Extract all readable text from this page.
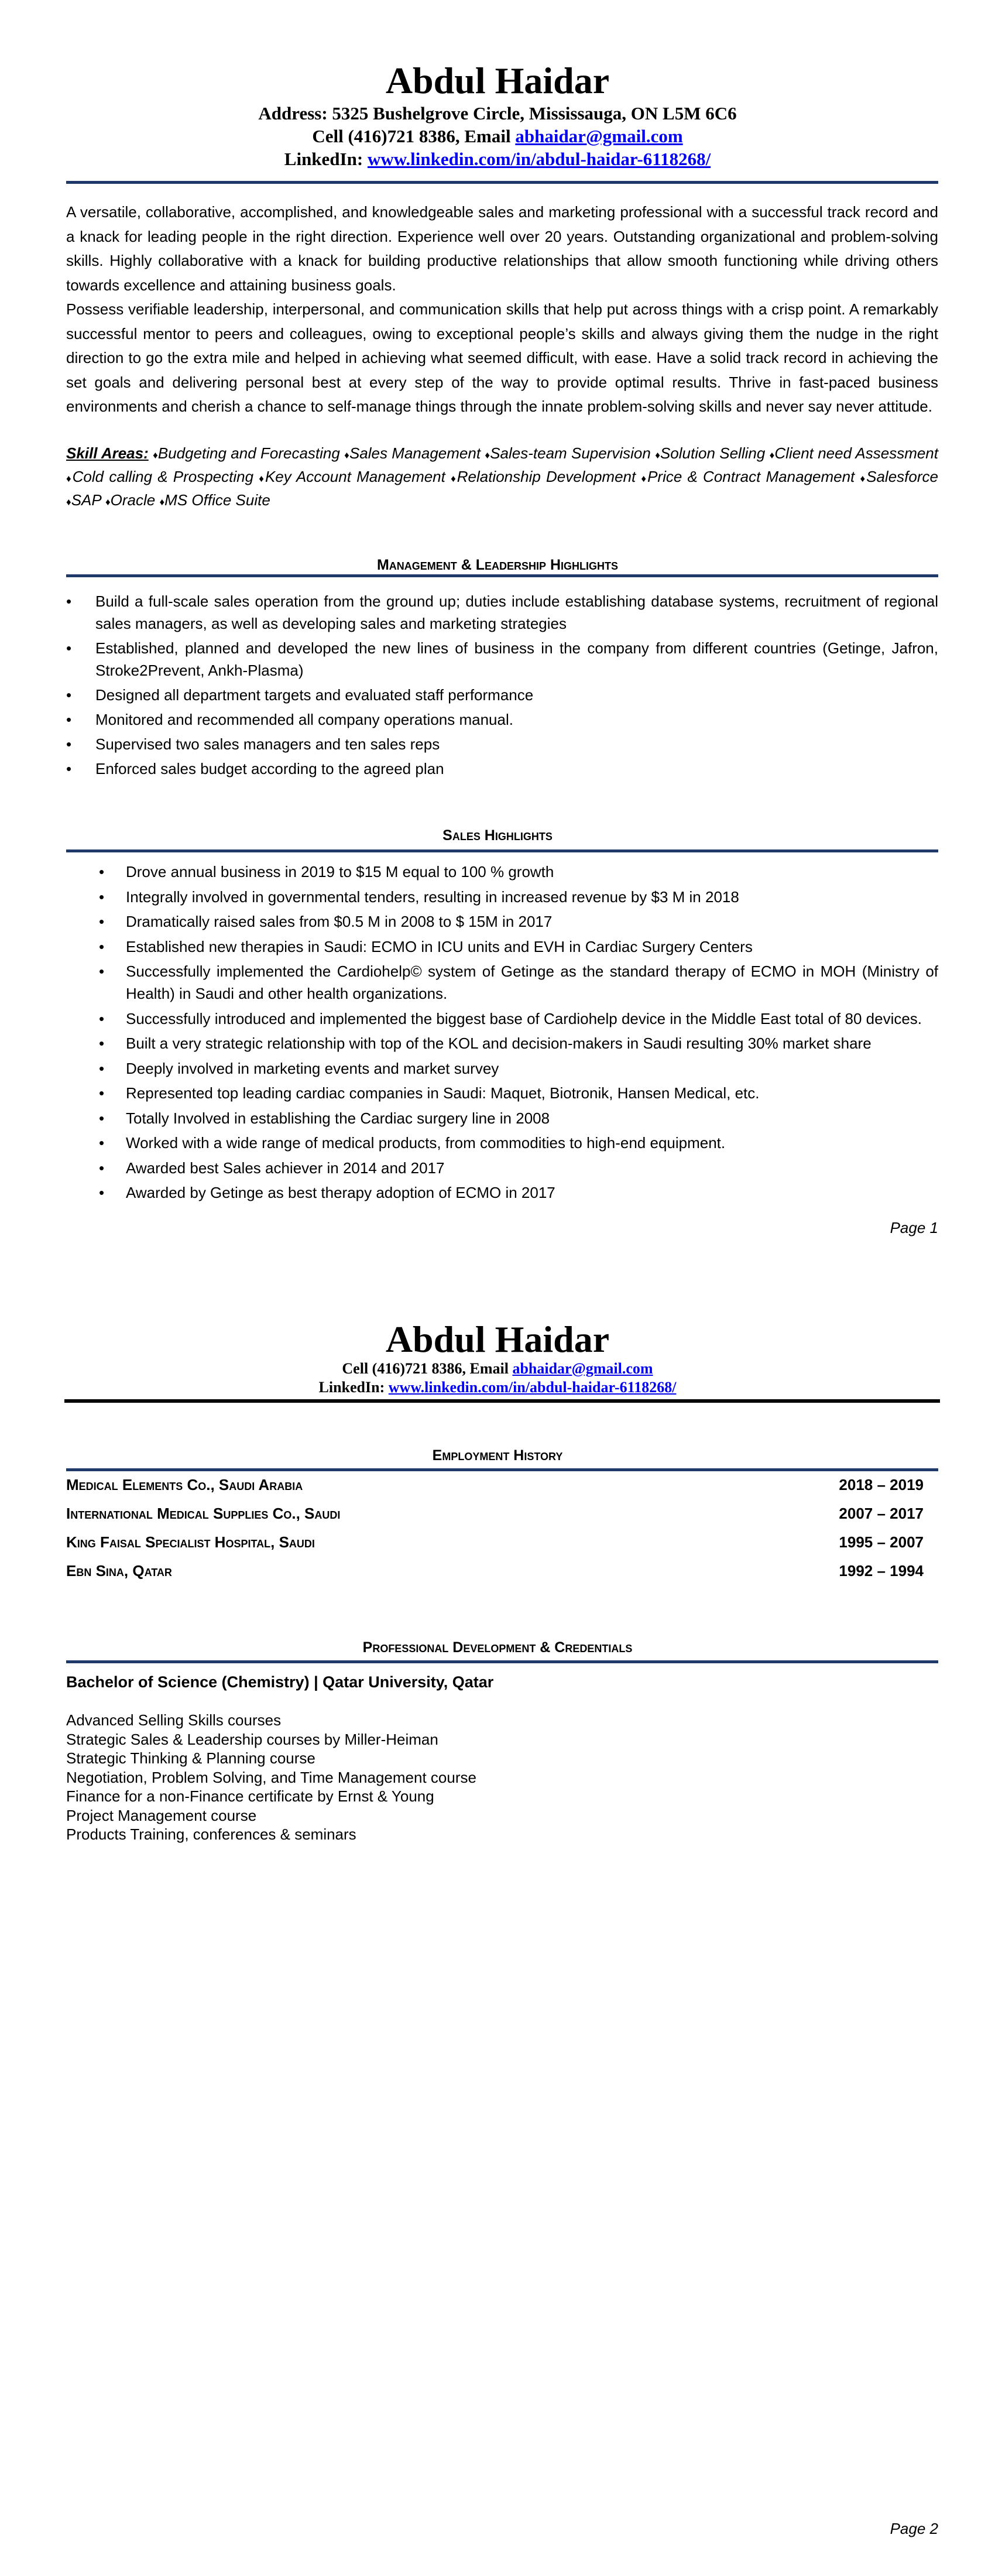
Abdul Haidar
Address: 5325 Bushelgrove Circle, Mississauga, ON L5M 6C6
Cell (416)721 8386, Email abhaidar@gmail.com
LinkedIn: www.linkedin.com/in/abdul-haidar-6118268/
A versatile, collaborative, accomplished, and knowledgeable sales and marketing professional with a successful track record and a knack for leading people in the right direction. Experience well over 20 years. Outstanding organizational and problem-solving skills. Highly collaborative with a knack for building productive relationships that allow smooth functioning while driving others towards excellence and attaining business goals.
Possess verifiable leadership, interpersonal, and communication skills that help put across things with a crisp point. A remarkably successful mentor to peers and colleagues, owing to exceptional people’s skills and always giving them the nudge in the right direction to go the extra mile and helped in achieving what seemed difficult, with ease. Have a solid track record in achieving the set goals and delivering personal best at every step of the way to provide optimal results. Thrive in fast-paced business environments and cherish a chance to self-manage things through the innate problem-solving skills and never say never attitude.
Skill Areas: ♦Budgeting and Forecasting ♦Sales Management ♦Sales-team Supervision ♦Solution Selling ♦Client need Assessment ♦Cold calling & Prospecting ♦Key Account Management ♦Relationship Development ♦Price & Contract Management ♦Salesforce ♦SAP ♦Oracle ♦MS Office Suite
Management & Leadership Highlights
• Build a full-scale sales operation from the ground up; duties include establishing database systems, recruitment of regional sales managers, as well as developing sales and marketing strategies
• Established, planned and developed the new lines of business in the company from different countries (Getinge, Jafron, Stroke2Prevent, Ankh-Plasma)
• Designed all department targets and evaluated staff performance
• Monitored and recommended all company operations manual.
• Supervised two sales managers and ten sales reps
• Enforced sales budget according to the agreed plan
Sales Highlights
• Drove annual business in 2019 to $15 M equal to 100 % growth
• Integrally involved in governmental tenders, resulting in increased revenue by $3 M in 2018
• Dramatically raised sales from $0.5 M in 2008 to $ 15M in 2017
• Established new therapies in Saudi: ECMO in ICU units and EVH in Cardiac Surgery Centers
• Successfully implemented the Cardiohelp© system of Getinge as the standard therapy of ECMO in MOH (Ministry of Health) in Saudi and other health organizations.
• Successfully introduced and implemented the biggest base of Cardiohelp device in the Middle East total of 80 devices.
• Built a very strategic relationship with top of the KOL and decision-makers in Saudi resulting 30% market share
• Deeply involved in marketing events and market survey
• Represented top leading cardiac companies in Saudi: Maquet, Biotronik, Hansen Medical, etc.
• Totally Involved in establishing the Cardiac surgery line in 2008
• Worked with a wide range of medical products, from commodities to high-end equipment.
• Awarded best Sales achiever in 2014 and 2017
• Awarded by Getinge as best therapy adoption of ECMO in 2017
Page 1
Abdul Haidar
Cell (416)721 8386, Email abhaidar@gmail.com
LinkedIn: www.linkedin.com/in/abdul-haidar-6118268/
Employment History
Medical Elements Co., Saudi Arabia	2018 – 2019
International Medical Supplies Co., Saudi	2007 – 2017
King Faisal Specialist Hospital, Saudi	1995 – 2007
Ebn Sina, Qatar	1992 – 1994
Professional Development & Credentials
Bachelor of Science (Chemistry) | Qatar University, Qatar
Advanced Selling Skills courses
Strategic Sales & Leadership courses by Miller-Heiman
Strategic Thinking & Planning course
Negotiation, Problem Solving, and Time Management course
Finance for a non-Finance certificate by Ernst & Young
Project Management course
Products Training, conferences & seminars
Page 2
